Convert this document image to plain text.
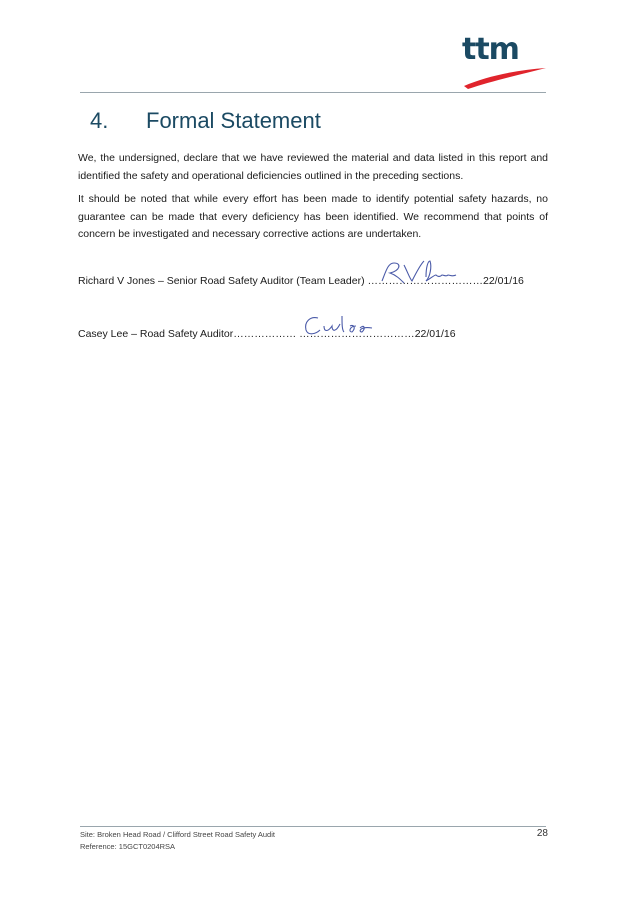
ttm
4.	Formal Statement

We, the undersigned, declare that we have reviewed the material and data listed in this report and identified the safety and operational deficiencies outlined in the preceding sections.

It should be noted that while every effort has been made to identify potential safety hazards, no guarantee can be made that every deficiency has been identified. We recommend that points of concern be investigated and necessary corrective actions are undertaken.

Richard V Jones – Senior Road Safety Auditor (Team Leader) ……………………………22/01/16
Casey Lee – Road Safety Auditor……………… ……………………………22/01/16
Site: Broken Head Road / Clifford Street Road Safety Audit
Reference: 15GCT0204RSA
28
